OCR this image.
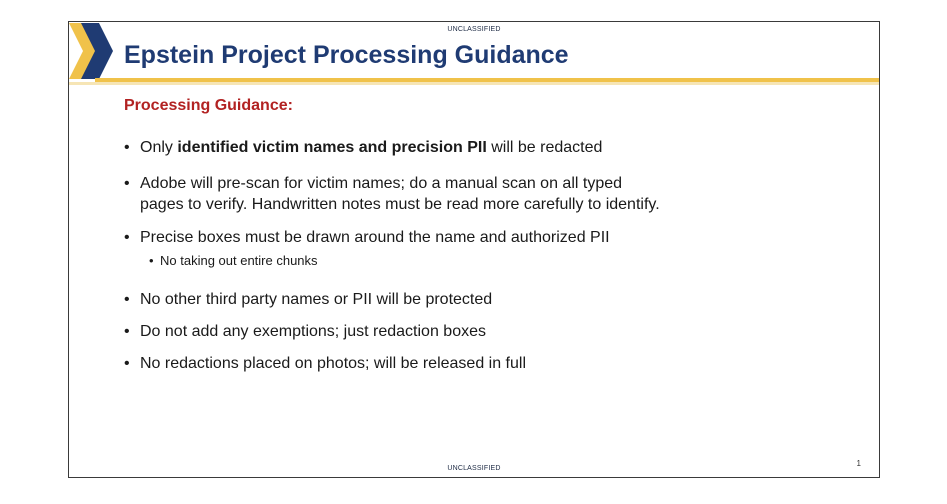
UNCLASSIFIED
Epstein Project Processing Guidance
Processing Guidance:
• Only identified victim names and precision PII will be redacted
• Adobe will pre-scan for victim names; do a manual scan on all typed
pages to verify. Handwritten notes must be read more carefully to identify.
• Precise boxes must be drawn around the name and authorized PII
• No taking out entire chunks
• No other third party names or PII will be protected
• Do not add any exemptions; just redaction boxes
• No redactions placed on photos; will be released in full
UNCLASSIFIED
1
